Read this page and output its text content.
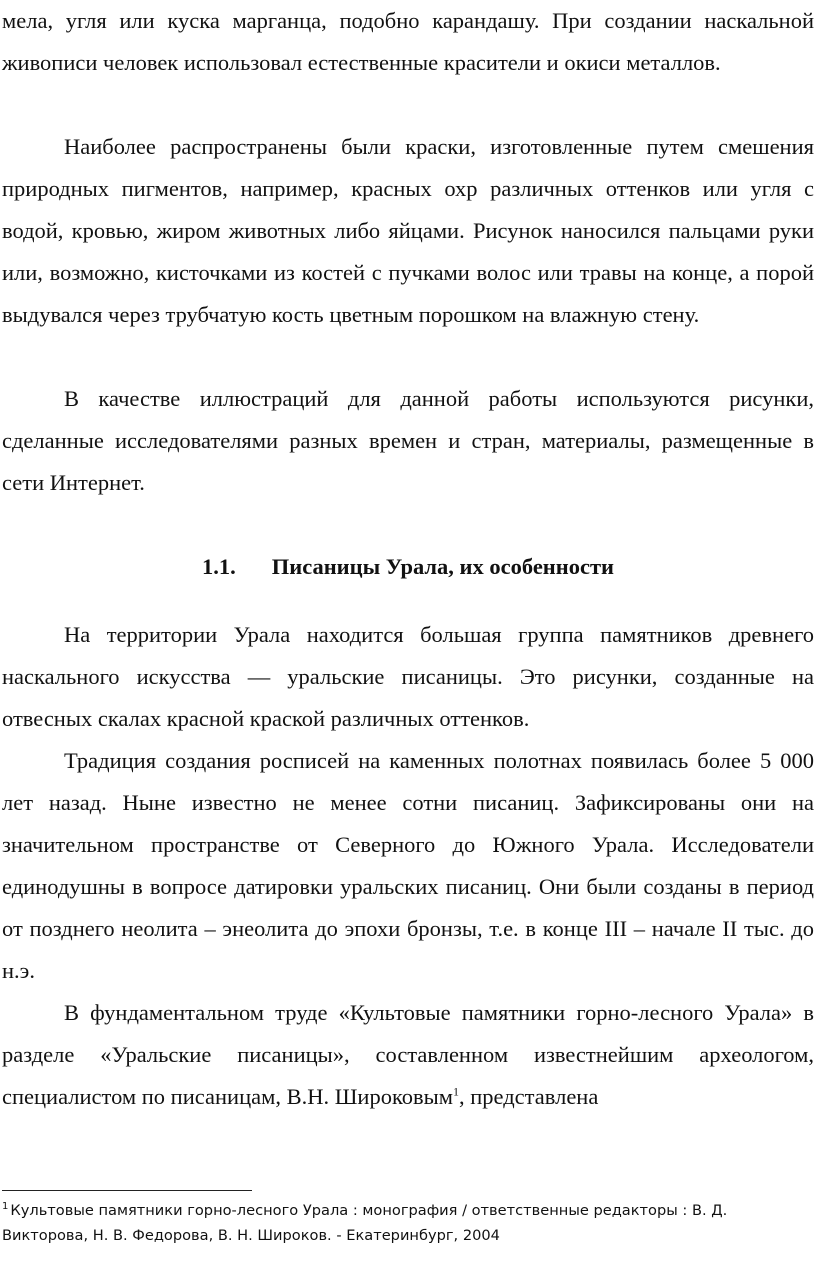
мела, угля или куска марганца, подобно карандашу. При создании наскальной живописи человек использовал естественные красители и окиси металлов.

Наиболее распространены были краски, изготовленные путем смешения природных пигментов, например, красных охр различных оттенков или угля с водой, кровью, жиром животных либо яйцами. Рисунок наносился пальцами руки или, возможно, кисточками из костей с пучками волос или травы на конце, а порой выдувался через трубчатую кость цветным порошком на влажную стену.

В качестве иллюстраций для данной работы используются рисунки, сделанные исследователями разных времен и стран, материалы, размещенные в сети Интернет.

1.1. Писаницы Урала, их особенности

На территории Урала находится большая группа памятников древнего наскального искусства — уральские писаницы. Это рисунки, созданные на отвесных скалах красной краской различных оттенков.

Традиция создания росписей на каменных полотнах появилась более 5 000 лет назад. Ныне известно не менее сотни писаниц. Зафиксированы они на значительном пространстве от Северного до Южного Урала. Исследователи единодушны в вопросе датировки уральских писаниц. Они были созданы в период от позднего неолита – энеолита до эпохи бронзы, т.е. в конце III – начале II тыс. до н.э.

В фундаментальном труде «Культовые памятники горно-лесного Урала» в разделе «Уральские писаницы», составленном известнейшим археологом, специалистом по писаницам, В.Н. Широковым$^1$, представлена

$^1$ Культовые памятники горно-лесного Урала : монография / ответственные редакторы : В. Д. Викторова, Н. В. Федорова, В. Н. Широков. - Екатеринбург, 2004
